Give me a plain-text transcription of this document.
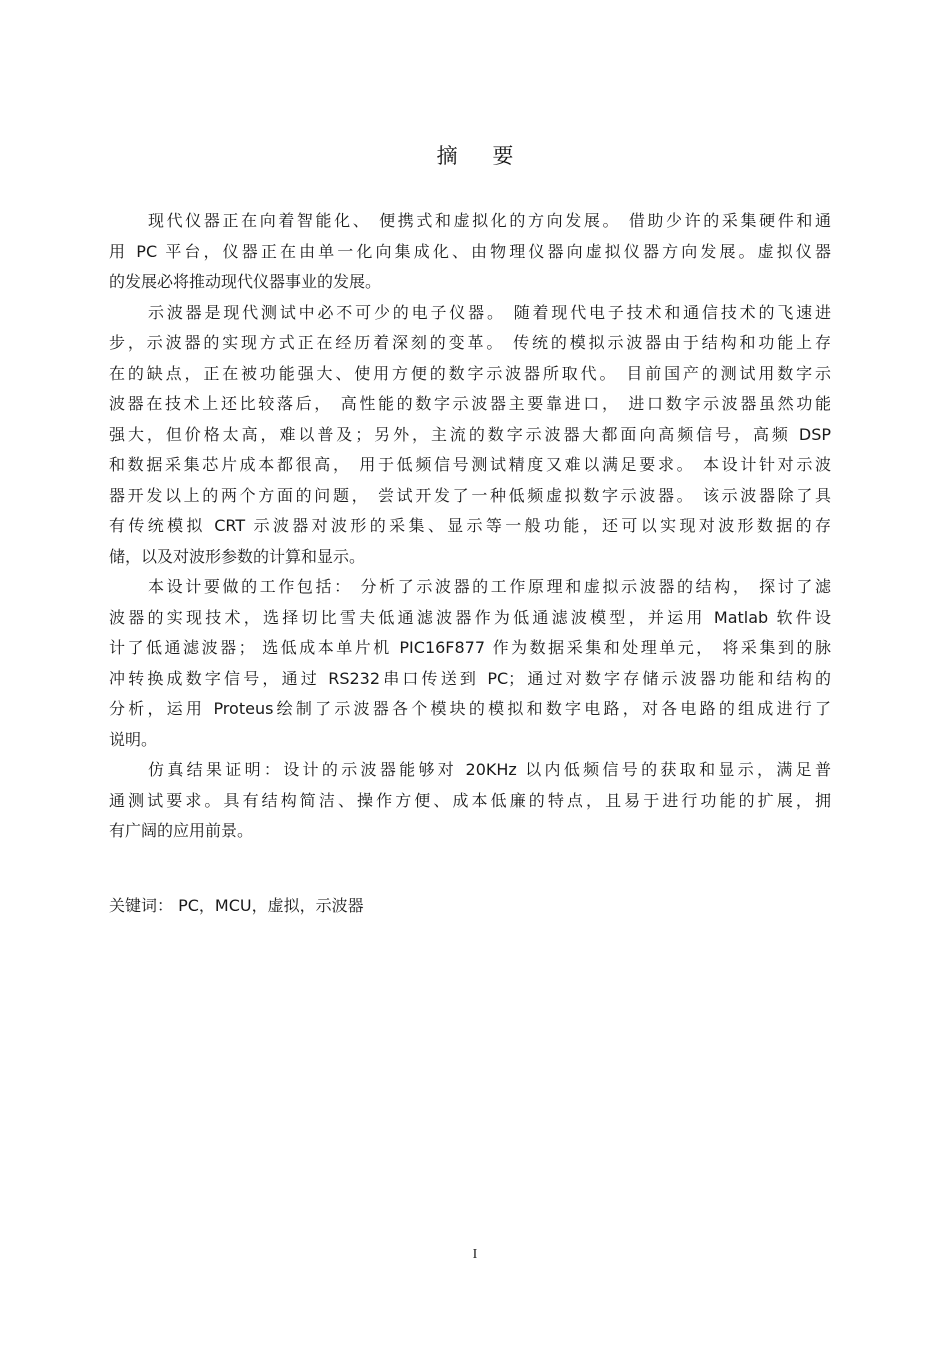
摘 要
现代仪器正在向着智能化、 便携式和虚拟化的方向发展。 借助少许的采集硬件和通
用 PC 平台，仪器正在由单一化向集成化、由物理仪器向虚拟仪器方向发展。虚拟仪器
的发展必将推动现代仪器事业的发展。
示波器是现代测试中必不可少的电子仪器。 随着现代电子技术和通信技术的飞速进
步，示波器的实现方式正在经历着深刻的变革。 传统的模拟示波器由于结构和功能上存
在的缺点，正在被功能强大、使用方便的数字示波器所取代。 目前国产的测试用数字示
波器在技术上还比较落后， 高性能的数字示波器主要靠进口， 进口数字示波器虽然功能
强大，但价格太高，难以普及；另外，主流的数字示波器大都面向高频信号，高频 DSP
和数据采集芯片成本都很高， 用于低频信号测试精度又难以满足要求。 本设计针对示波
器开发以上的两个方面的问题， 尝试开发了一种低频虚拟数字示波器。 该示波器除了具
有传统模拟 CRT 示波器对波形的采集、显示等一般功能，还可以实现对波形数据的存
储，以及对波形参数的计算和显示。
本设计要做的工作包括： 分析了示波器的工作原理和虚拟示波器的结构， 探讨了滤
波器的实现技术，选择切比雪夫低通滤波器作为低通滤波模型，并运用 Matlab 软件设
计了低通滤波器； 选低成本单片机 PIC16F877 作为数据采集和处理单元， 将采集到的脉
冲转换成数字信号，通过 RS232串口传送到 PC；通过对数字存储示波器功能和结构的
分析，运用 Proteus绘制了示波器各个模块的模拟和数字电路，对各电路的组成进行了
说明。
仿真结果证明：设计的示波器能够对 20KHz 以内低频信号的获取和显示，满足普
通测试要求。具有结构简洁、操作方便、成本低廉的特点，且易于进行功能的扩展，拥
有广阔的应用前景。
关键词： PC，MCU，虚拟，示波器
I
